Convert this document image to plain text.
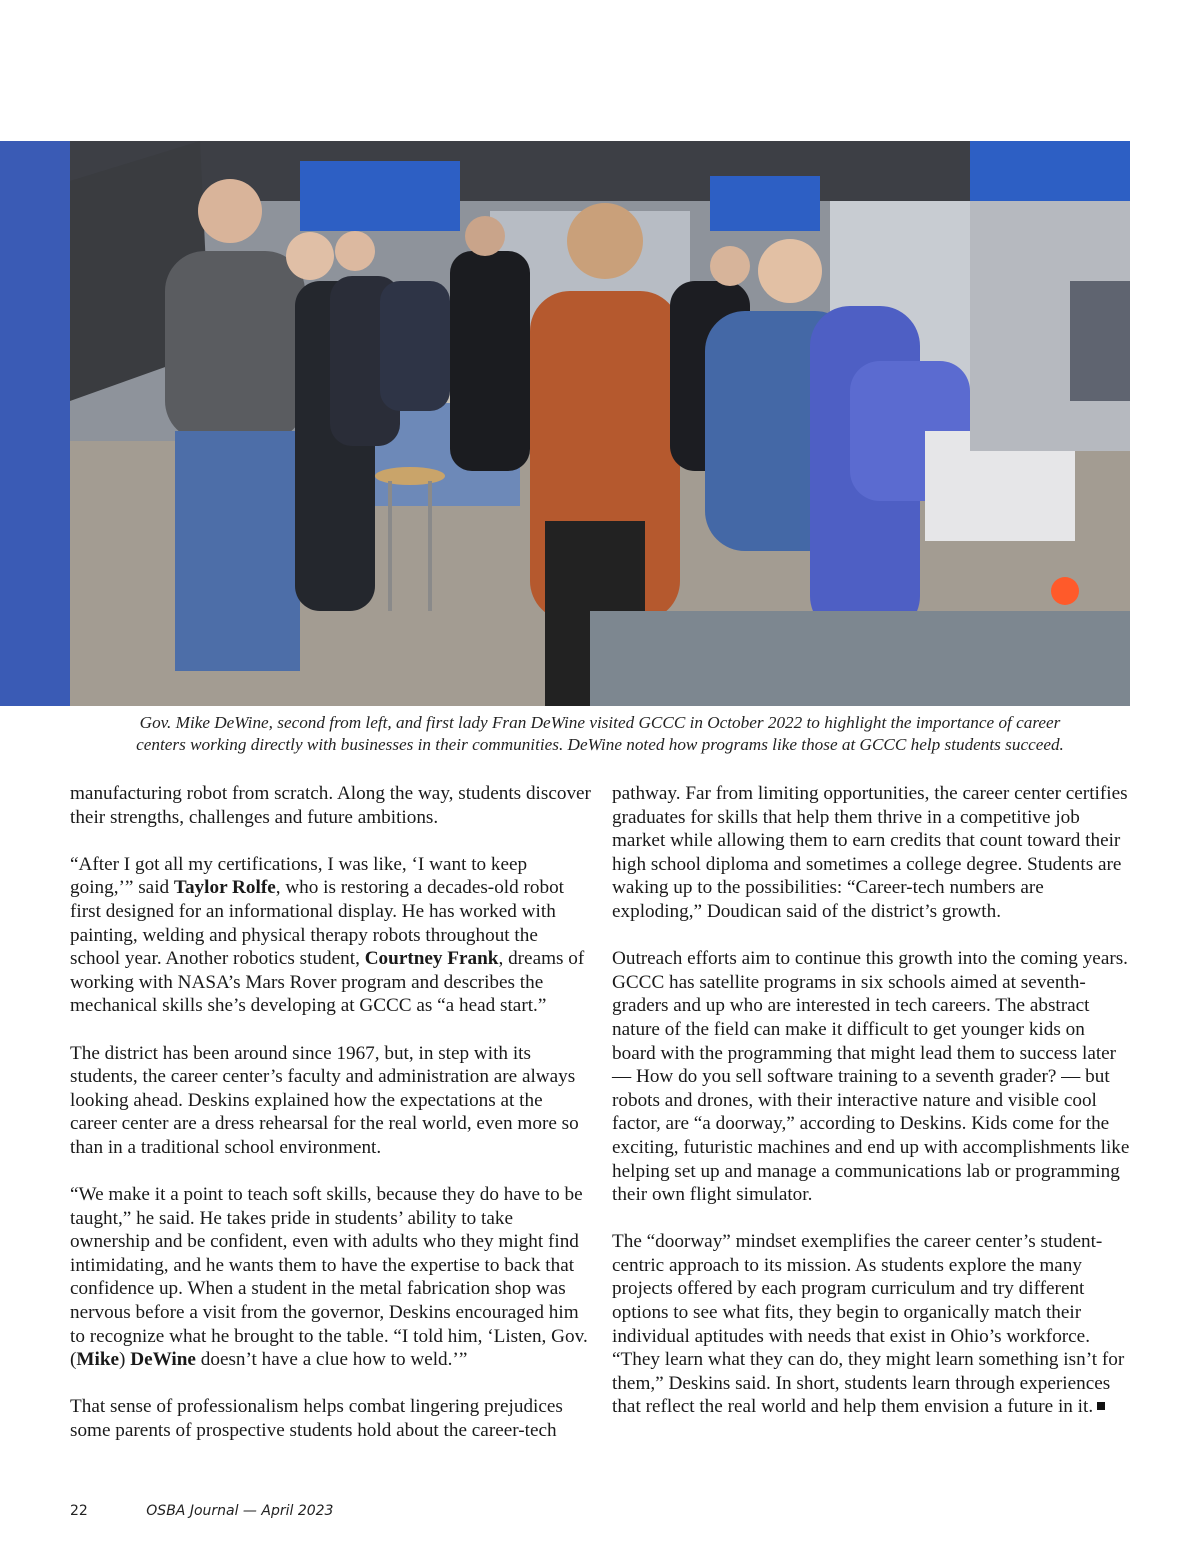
Gov. Mike DeWine, second from left, and first lady Fran DeWine visited GCCC in October 2022 to highlight the importance of career
centers working directly with businesses in their communities. DeWine noted how programs like those at GCCC help students succeed.

manufacturing robot from scratch. Along the way, students discover their strengths, challenges and future ambitions.

“After I got all my certifications, I was like, ‘I want to keep going,’” said Taylor Rolfe, who is restoring a decades-old robot first designed for an informational display. He has worked with painting, welding and physical therapy robots throughout the school year. Another robotics student, Courtney Frank, dreams of working with NASA’s Mars Rover program and describes the mechanical skills she’s developing at GCCC as “a head start.”

The district has been around since 1967, but, in step with its students, the career center’s faculty and administration are always looking ahead. Deskins explained how the expectations at the career center are a dress rehearsal for the real world, even more so than in a traditional school environment.

“We make it a point to teach soft skills, because they do have to be taught,” he said. He takes pride in students’ ability to take ownership and be confident, even with adults who they might find intimidating, and he wants them to have the expertise to back that confidence up. When a student in the metal fabrication shop was nervous before a visit from the governor, Deskins encouraged him to recognize what he brought to the table. “I told him, ‘Listen, Gov. (Mike) DeWine doesn’t have a clue how to weld.’”

That sense of professionalism helps combat lingering prejudices some parents of prospective students hold about the career-tech

pathway. Far from limiting opportunities, the career center certifies graduates for skills that help them thrive in a competitive job market while allowing them to earn credits that count toward their high school diploma and sometimes a college degree. Students are waking up to the possibilities: “Career-tech numbers are exploding,” Doudican said of the district’s growth.

Outreach efforts aim to continue this growth into the coming years. GCCC has satellite programs in six schools aimed at seventh-graders and up who are interested in tech careers. The abstract nature of the field can make it difficult to get younger kids on board with the programming that might lead them to success later — How do you sell software training to a seventh grader? — but robots and drones, with their interactive nature and visible cool factor, are “a doorway,” according to Deskins. Kids come for the exciting, futuristic machines and end up with accomplishments like helping set up and manage a communications lab or programming their own flight simulator.

The “doorway” mindset exemplifies the career center’s student-centric approach to its mission. As students explore the many projects offered by each program curriculum and try different options to see what fits, they begin to organically match their individual aptitudes with needs that exist in Ohio’s workforce. “They learn what they can do, they might learn something isn’t for them,” Deskins said. In short, students learn through experiences that reflect the real world and help them envision a future in it.

22	OSBA Journal — April 2023
